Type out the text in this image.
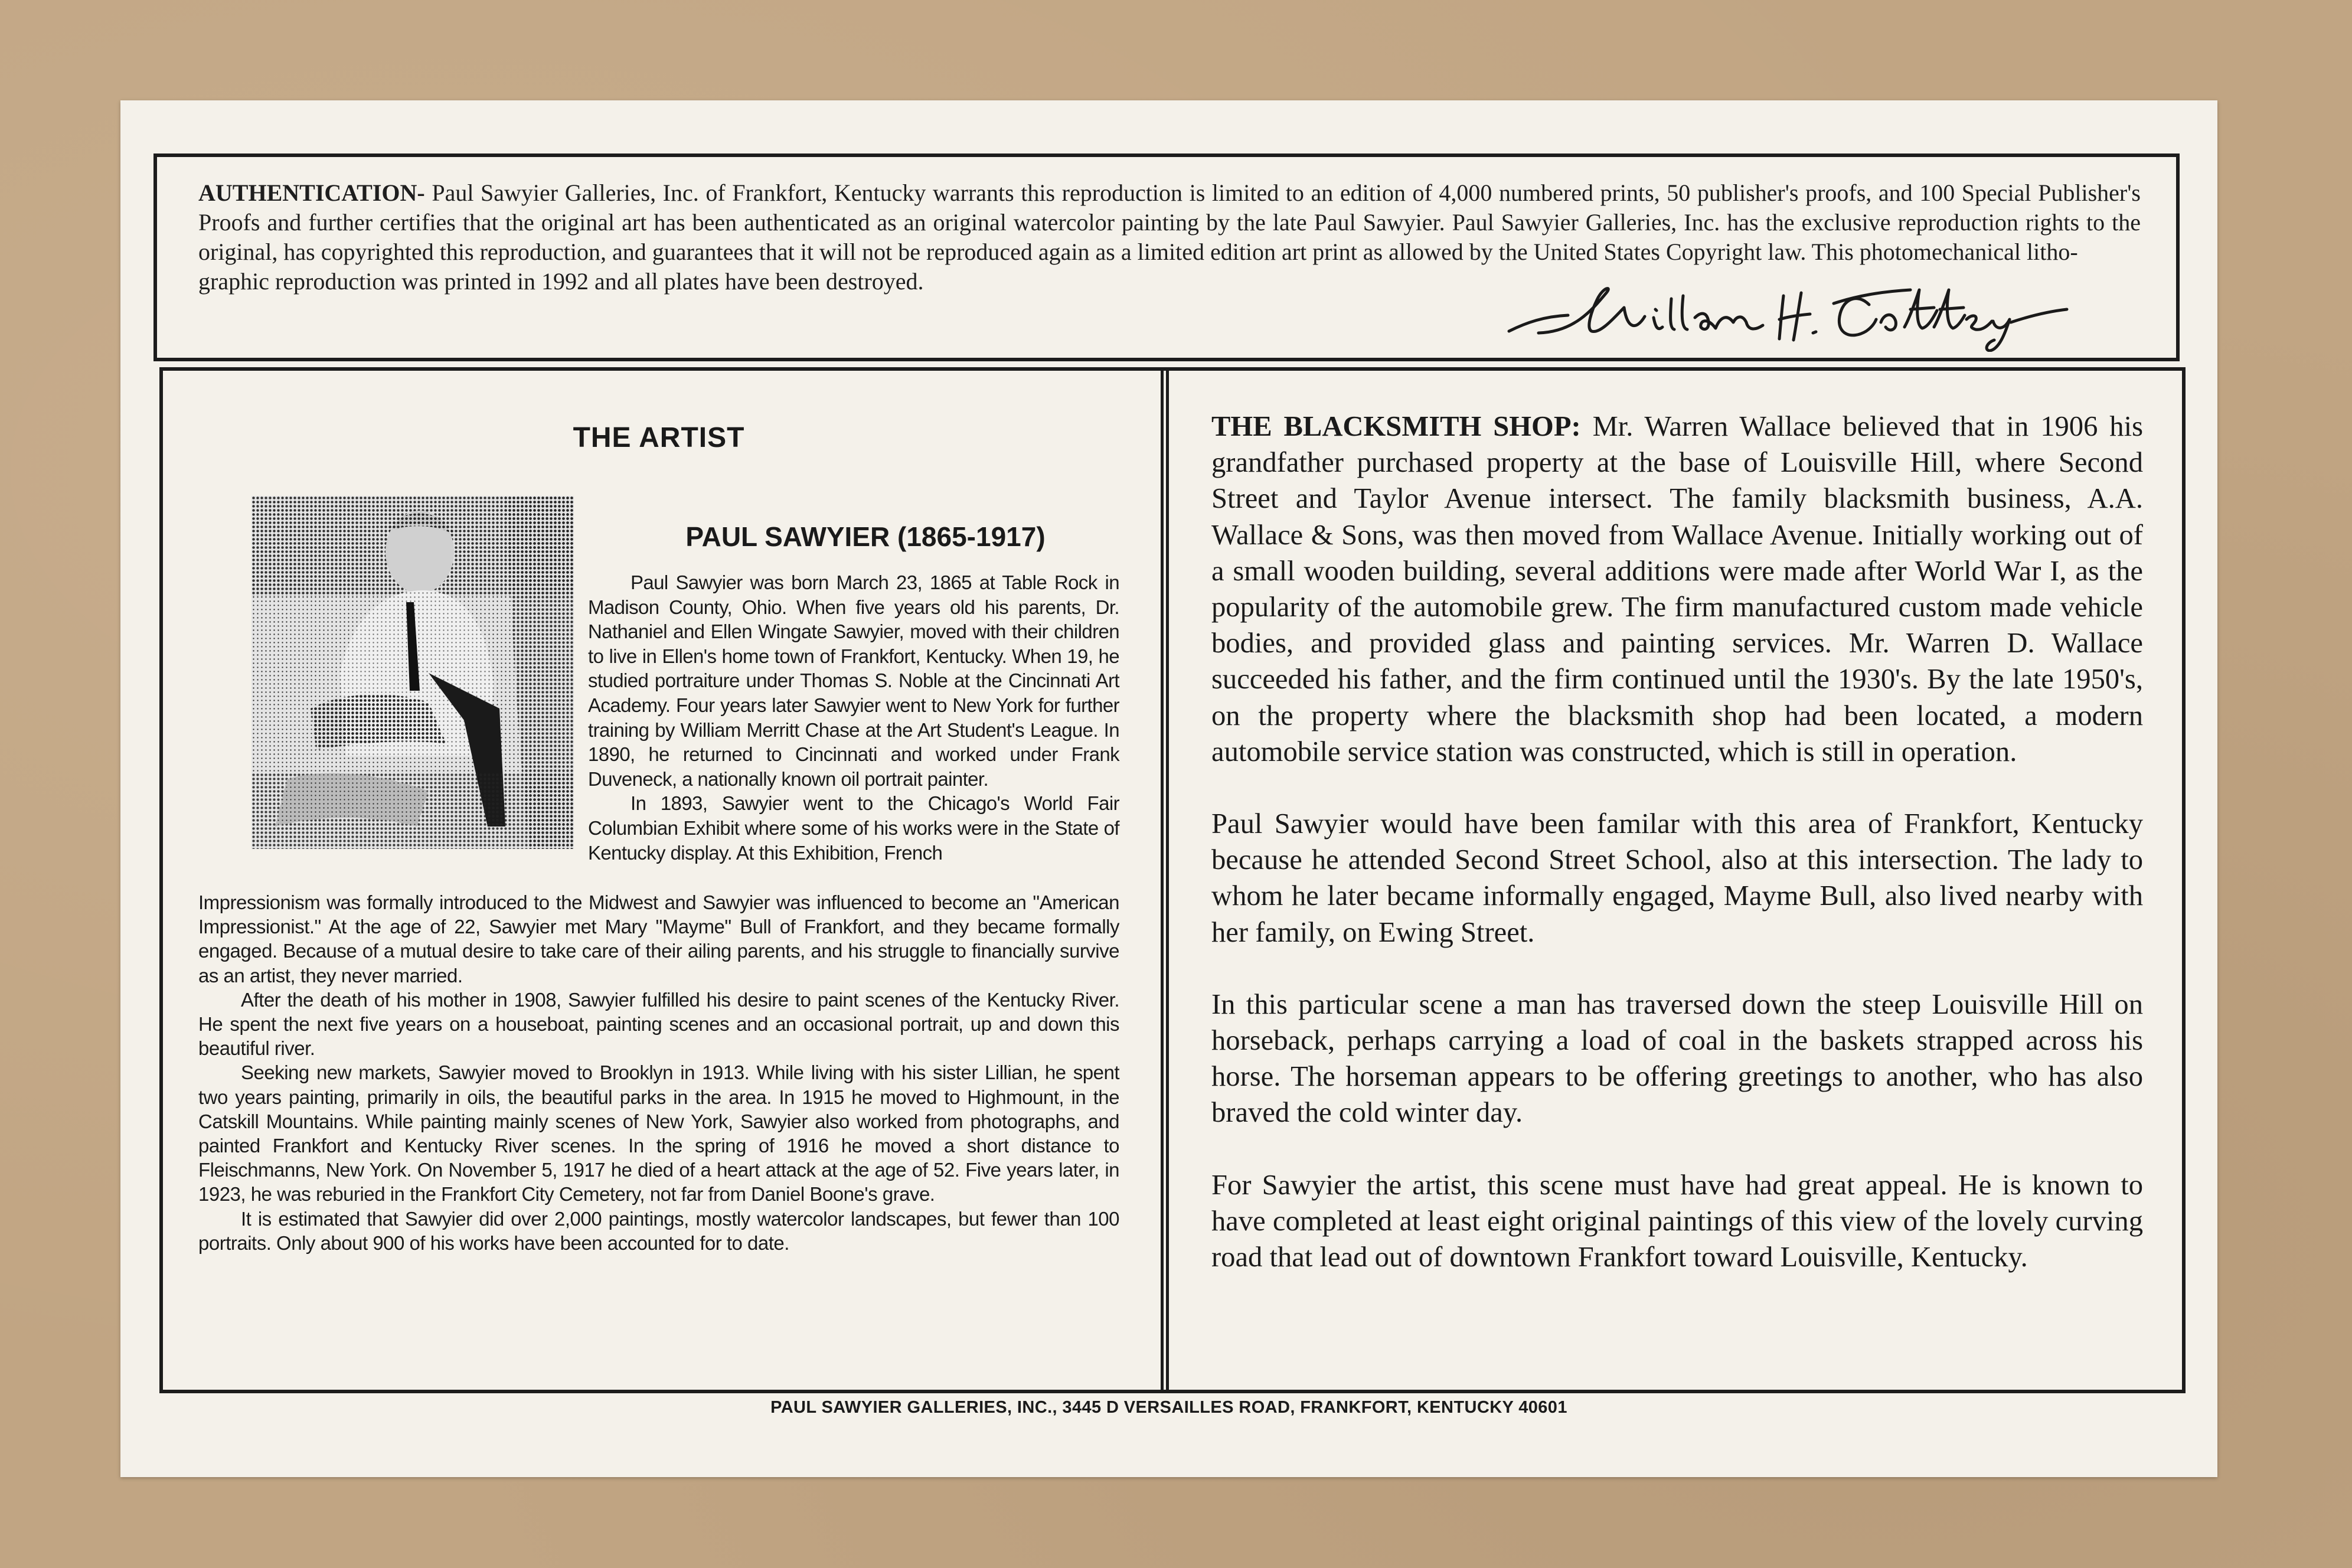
AUTHENTICATION- Paul Sawyier Galleries, Inc. of Frankfort, Kentucky warrants this reproduction is limited to an edition of 4,000 numbered prints, 50 publisher's proofs, and 100 Special Publisher's Proofs and further certifies that the original art has been authenticated as an original watercolor painting by the late Paul Sawyier. Paul Sawyier Galleries, Inc. has the exclusive reproduction rights to the original, has copyrighted this reproduction, and guarantees that it will not be reproduced again as a limited edition art print as allowed by the United States Copyright law. This photomechanical litho-
graphic reproduction was printed in 1992 and all plates have been destroyed.
THE ARTIST
PAUL SAWYIER (1865-1917)

Paul Sawyier was born March 23, 1865 at Table Rock in Madison County, Ohio. When five years old his parents, Dr. Nathaniel and Ellen Wingate Sawyier, moved with their children to live in Ellen's home town of Frankfort, Kentucky. When 19, he studied portraiture under Thomas S. Noble at the Cincinnati Art Academy. Four years later Sawyier went to New York for further training by William Merritt Chase at the Art Student's League. In 1890, he returned to Cincinnati and worked under Frank Duveneck, a nationally known oil portrait painter.

In 1893, Sawyier went to the Chicago's World Fair Columbian Exhibit where some of his works were in the State of Kentucky display. At this Exhibition, French

Impressionism was formally introduced to the Midwest and Sawyier was influenced to become an "American Impressionist." At the age of 22, Sawyier met Mary "Mayme" Bull of Frankfort, and they became formally engaged. Because of a mutual desire to take care of their ailing parents, and his struggle to financially survive as an artist, they never married.

After the death of his mother in 1908, Sawyier fulfilled his desire to paint scenes of the Kentucky River. He spent the next five years on a houseboat, painting scenes and an occasional portrait, up and down this beautiful river.

Seeking new markets, Sawyier moved to Brooklyn in 1913. While living with his sister Lillian, he spent two years painting, primarily in oils, the beautiful parks in the area. In 1915 he moved to Highmount, in the Catskill Mountains. While painting mainly scenes of New York, Sawyier also worked from photographs, and painted Frankfort and Kentucky River scenes. In the spring of 1916 he moved a short distance to Fleischmanns, New York. On November 5, 1917 he died of a heart attack at the age of 52. Five years later, in 1923, he was reburied in the Frankfort City Cemetery, not far from Daniel Boone's grave.

It is estimated that Sawyier did over 2,000 paintings, mostly watercolor landscapes, but fewer than 100 portraits. Only about 900 of his works have been accounted for to date.

THE BLACKSMITH SHOP: Mr. Warren Wallace believed that in 1906 his grandfather purchased property at the base of Louisville Hill, where Second Street and Taylor Avenue intersect. The family blacksmith business, A.A. Wallace & Sons, was then moved from Wallace Avenue. Initially working out of a small wooden building, several additions were made after World War I, as the popularity of the automobile grew. The firm manufactured custom made vehicle bodies, and provided glass and painting services. Mr. Warren D. Wallace succeeded his father, and the firm continued until the 1930's. By the late 1950's, on the property where the blacksmith shop had been located, a modern automobile service station was constructed, which is still in operation.

Paul Sawyier would have been familar with this area of Frankfort, Kentucky because he attended Second Street School, also at this intersection. The lady to whom he later became informally engaged, Mayme Bull, also lived nearby with her family, on Ewing Street.

In this particular scene a man has traversed down the steep Louisville Hill on horseback, perhaps carrying a load of coal in the baskets strapped across his horse. The horseman appears to be offering greetings to another, who has also braved the cold winter day.

For Sawyier the artist, this scene must have had great appeal. He is known to have completed at least eight original paintings of this view of the lovely curving road that lead out of downtown Frankfort toward Louisville, Kentucky.

PAUL SAWYIER GALLERIES, INC., 3445 D VERSAILLES ROAD, FRANKFORT, KENTUCKY 40601
